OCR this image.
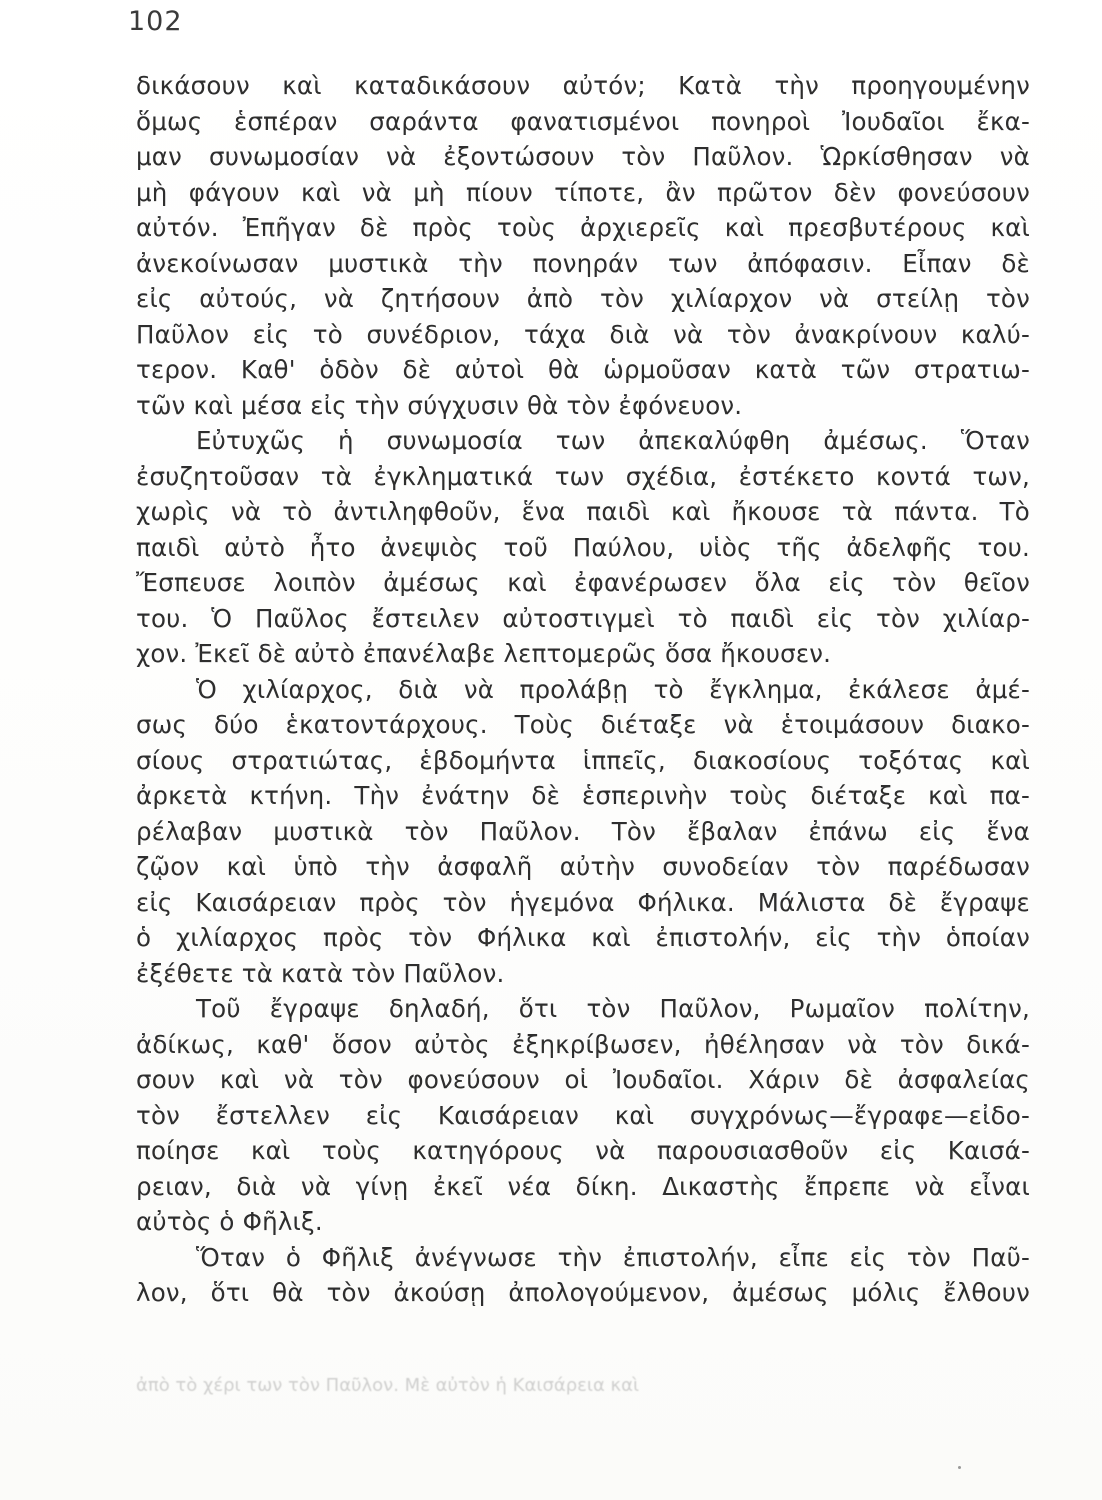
102
δικάσουν καὶ καταδικάσουν αὐτόν; Κατὰ τὴν προηγουμένην
ὅμως ἑσπέραν σαράντα φανατισμένοι πονηροὶ Ἰουδαῖοι ἔκα-
μαν συνωμοσίαν νὰ ἐξοντώσουν τὸν Παῦλον. Ὡρκίσθησαν νὰ
μὴ φάγουν καὶ νὰ μὴ πίουν τίποτε, ἂν πρῶτον δὲν φονεύσουν
αὐτόν. Ἐπῆγαν δὲ πρὸς τοὺς ἀρχιερεῖς καὶ πρεσβυτέρους καὶ
ἀνεκοίνωσαν μυστικὰ τὴν πονηράν των ἀπόφασιν. Εἶπαν δὲ
εἰς αὐτούς, νὰ ζητήσουν ἀπὸ τὸν χιλίαρχον νὰ στείλῃ τὸν
Παῦλον εἰς τὸ συνέδριον, τάχα διὰ νὰ τὸν ἀνακρίνουν καλύ-
τερον. Καθ' ὁδὸν δὲ αὐτοὶ θὰ ὡρμοῦσαν κατὰ τῶν στρατιω-
τῶν καὶ μέσα εἰς τὴν σύγχυσιν θὰ τὸν ἐφόνευον.
Εὐτυχῶς ἡ συνωμοσία των ἀπεκαλύφθη ἀμέσως. Ὅταν
ἐσυζητοῦσαν τὰ ἐγκληματικά των σχέδια, ἐστέκετο κοντά των,
χωρὶς νὰ τὸ ἀντιληφθοῦν, ἕνα παιδὶ καὶ ἤκουσε τὰ πάντα. Τὸ
παιδὶ αὐτὸ ἦτο ἀνεψιὸς τοῦ Παύλου, υἱὸς τῆς ἀδελφῆς του.
Ἔσπευσε λοιπὸν ἀμέσως καὶ ἐφανέρωσεν ὅλα εἰς τὸν θεῖον
του. Ὁ Παῦλος ἔστειλεν αὐτοστιγμεὶ τὸ παιδὶ εἰς τὸν χιλίαρ-
χον. Ἐκεῖ δὲ αὐτὸ ἐπανέλαβε λεπτομερῶς ὅσα ἤκουσεν.
Ὁ χιλίαρχος, διὰ νὰ προλάβῃ τὸ ἔγκλημα, ἐκάλεσε ἀμέ-
σως δύο ἑκατοντάρχους. Τοὺς διέταξε νὰ ἑτοιμάσουν διακο-
σίους στρατιώτας, ἑβδομήντα ἱππεῖς, διακοσίους τοξότας καὶ
ἀρκετὰ κτήνη. Τὴν ἐνάτην δὲ ἑσπερινὴν τοὺς διέταξε καὶ πα-
ρέλαβαν μυστικὰ τὸν Παῦλον. Τὸν ἔβαλαν ἐπάνω εἰς ἕνα
ζῷον καὶ ὑπὸ τὴν ἀσφαλῆ αὐτὴν συνοδείαν τὸν παρέδωσαν
εἰς Καισάρειαν πρὸς τὸν ἡγεμόνα Φήλικα. Μάλιστα δὲ ἔγραψε
ὁ χιλίαρχος πρὸς τὸν Φήλικα καὶ ἐπιστολήν, εἰς τὴν ὁποίαν
ἐξέθετε τὰ κατὰ τὸν Παῦλον.
Τοῦ ἔγραψε δηλαδή, ὅτι τὸν Παῦλον, Ρωμαῖον πολίτην,
ἀδίκως, καθ' ὅσον αὐτὸς ἐξηκρίβωσεν, ἠθέλησαν νὰ τὸν δικά-
σουν καὶ νὰ τὸν φονεύσουν οἱ Ἰουδαῖοι. Χάριν δὲ ἀσφαλείας
τὸν ἔστελλεν εἰς Καισάρειαν καὶ συγχρόνως—ἔγραφε—εἰδο-
ποίησε καὶ τοὺς κατηγόρους νὰ παρουσιασθοῦν εἰς Καισά-
ρειαν, διὰ νὰ γίνῃ ἐκεῖ νέα δίκη. Δικαστὴς ἔπρεπε νὰ εἶναι
αὐτὸς ὁ Φῆλιξ.
Ὅταν ὁ Φῆλιξ ἀνέγνωσε τὴν ἐπιστολήν, εἶπε εἰς τὸν Παῦ-
λον, ὅτι θὰ τὸν ἀκούσῃ ἀπολογούμενον, ἀμέσως μόλις ἔλθουν
ἀπὸ τὸ χέρι των τὸν Παῦλον. Μὲ αὐτὸν ἡ Καισάρεια καὶ
